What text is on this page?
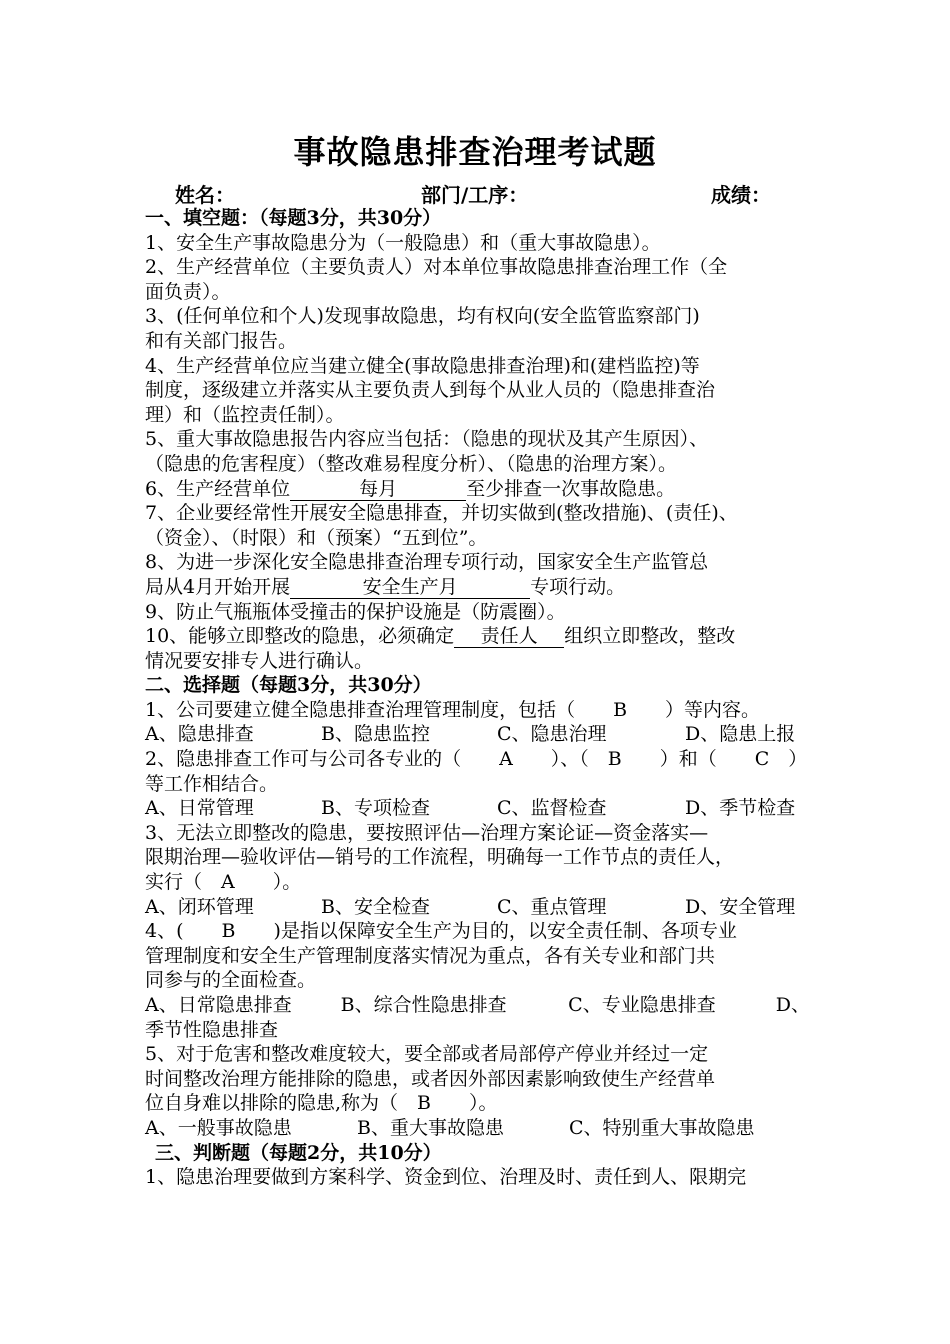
事故隐患排查治理考试题
姓名：	部门/工序：	成绩：
一、填空题：（每题3分，共30分）
1、安全生产事故隐患分为（一般隐患）和（重大事故隐患）。
2、生产经营单位（主要负责人）对本单位事故隐患排查治理工作（全
面负责）。
3、(任何单位和个人)发现事故隐患，均有权向(安全监管监察部门)
和有关部门报告。
4、生产经营单位应当建立健全(事故隐患排查治理)和(建档监控)等
制度，逐级建立并落实从主要负责人到每个从业人员的（隐患排查治
理）和（监控责任制）。
5、重大事故隐患报告内容应当包括：（隐患的现状及其产生原因）、
（隐患的危害程度）（整改难易程度分析）、（隐患的治理方案）。
6、生产经营单位	每月	至少排查一次事故隐患。
7、企业要经常性开展安全隐患排查，并切实做到(整改措施)、(责任)、
（资金）、（时限）和（预案）“五到位”。
8、为进一步深化安全隐患排查治理专项行动，国家安全生产监管总
局从4月开始开展	安全生产月	专项行动。
9、防止气瓶瓶体受撞击的保护设施是（防震圈）。
10、能够立即整改的隐患，必须确定 责任人 组织立即整改，整改
情况要安排专人进行确认。
二、选择题（每题3分，共30分）
1、公司要建立健全隐患排查治理管理制度，包括（　　B　　）等内容。
A、隐患排查	B、隐患监控	C、隐患治理	D、隐患上报
2、隐患排查工作可与公司各专业的（　　A　　）、（　B　　）和（　　C　）
等工作相结合。
A、日常管理	B、专项检查	C、监督检查	D、季节检查
3、无法立即整改的隐患，要按照评估—治理方案论证—资金落实—
限期治理—验收评估—销号的工作流程，明确每一工作节点的责任人，
实行（　A　　）。
A、闭环管理	B、安全检查	C、重点管理	D、安全管理
4、(　　B　　)是指以保障安全生产为目的，以安全责任制、各项专业
管理制度和安全生产管理制度落实情况为重点，各有关专业和部门共
同参与的全面检查。
A、日常隐患排查	B、综合性隐患排查	C、专业隐患排查	D、
季节性隐患排查
5、对于危害和整改难度较大，要全部或者局部停产停业并经过一定
时间整改治理方能排除的隐患，或者因外部因素影响致使生产经营单
位自身难以排除的隐患,称为（　B　　）。
A、一般事故隐患	B、重大事故隐患	C、特别重大事故隐患
三、判断题（每题2分，共10分）
1、隐患治理要做到方案科学、资金到位、治理及时、责任到人、限期完
